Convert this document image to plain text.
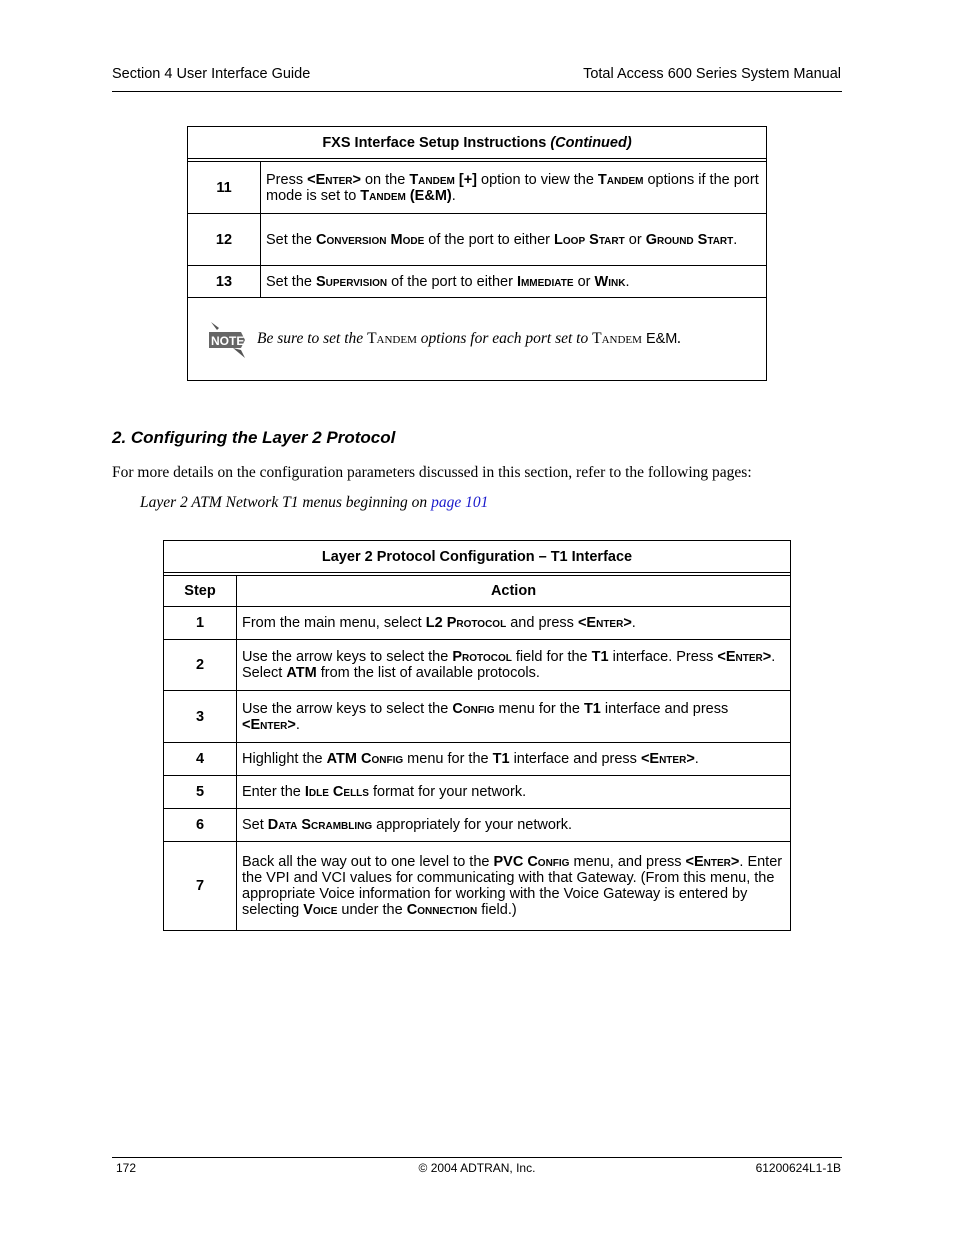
Section 4 User Interface Guide	Total Access 600 Series System Manual
FXS Interface Setup Instructions (Continued)	

11	Press <Enter> on the Tandem [+] option to view the Tandem options if the port mode is set to Tandem (E&M).
12	Set the Conversion Mode of the port to either Loop Start or Ground Start.
13	Set the Supervision of the port to either Immediate or Wink.

NOTE Be sure to set the Tandem options for each port set to Tandem E&M.	
2. Configuring the Layer 2 Protocol
For more details on the configuration parameters discussed in this section, refer to the following pages:
Layer 2 ATM Network T1 menus beginning on page 101
Layer 2 Protocol Configuration – T1 Interface	

Step	Action
1	From the main menu, select L2 Protocol and press <Enter>.
2	Use the arrow keys to select the Protocol field for the T1 interface. Press <Enter>. Select ATM from the list of available protocols.
3	Use the arrow keys to select the Config menu for the T1 interface and press <Enter>.
4	Highlight the ATM Config menu for the T1 interface and press <Enter>.
5	Enter the Idle Cells format for your network.
6	Set Data Scrambling appropriately for your network.
7	Back all the way out to one level to the PVC Config menu, and press <Enter>. Enter the VPI and VCI values for communicating with that Gateway. (From this menu, the appropriate Voice information for working with the Voice Gateway is entered by selecting Voice under the Connection field.)
172	© 2004 ADTRAN, Inc.	61200624L1-1B
